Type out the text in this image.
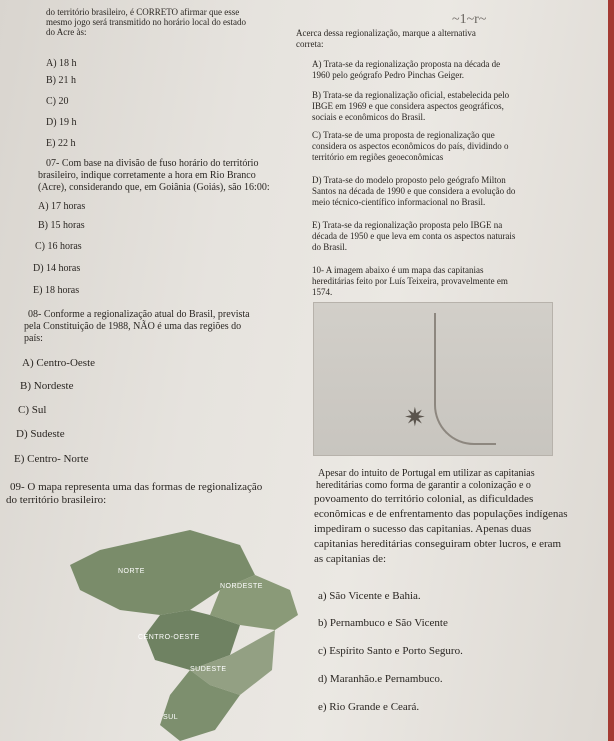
do território brasileiro, é CORRETO afirmar que esse
mesmo jogo será transmitido no horário local do estado
do Acre às:
A) 18 h
B) 21 h
C) 20
D) 19 h
E) 22 h
07- Com base na divisão de fuso horário do território
brasileiro, indique corretamente a hora em Rio Branco
(Acre), considerando que, em Goiânia (Goiás), são 16:00:
A) 17 horas
B) 15 horas
C) 16 horas
D) 14 horas
E) 18 horas
08- Conforme a regionalização atual do Brasil, prevista
pela Constituição de 1988, NÃO é uma das regiões do
país:
A) Centro-Oeste
B) Nordeste
C) Sul
D) Sudeste
E) Centro- Norte
09- O mapa representa uma das formas de regionalização
do território brasileiro:
NORTE
NORDESTE
CENTRO-OESTE
SUDESTE
SUL
~1~r~
Acerca dessa regionalização, marque a alternativa
correta:
A) Trata-se da regionalização proposta na década de
1960 pelo geógrafo Pedro Pinchas Geiger.
B) Trata-se da regionalização oficial, estabelecida pelo
IBGE em 1969 e que considera aspectos geográficos,
sociais e econômicos do Brasil.
C) Trata-se de uma proposta de regionalização que
considera os aspectos econômicos do país, dividindo o
território em regiões geoeconômicas
D) Trata-se do modelo proposto pelo geógrafo Milton
Santos na década de 1990 e que considera a evolução do
meio técnico-científico informacional no Brasil.
E) Trata-se da regionalização proposta pelo IBGE na
década de 1950 e que leva em conta os aspectos naturais
do Brasil.
10- A imagem abaixo é um mapa das capitanias
hereditárias feito por Luís Teixeira, provavelmente em
1574.
✷
Apesar do intuito de Portugal em utilizar as capitanias
hereditárias como forma de garantir a colonização e o
povoamento do território colonial, as dificuldades
econômicas e de enfrentamento das populações indígenas
impediram o sucesso das capitanias. Apenas duas
capitanias hereditárias conseguiram obter lucros, e eram
as capitanias de:
a) São Vicente e Bahia.
b) Pernambuco e São Vicente
c) Espírito Santo e Porto Seguro.
d) Maranhão.e Pernambuco.
e) Rio Grande e Ceará.
